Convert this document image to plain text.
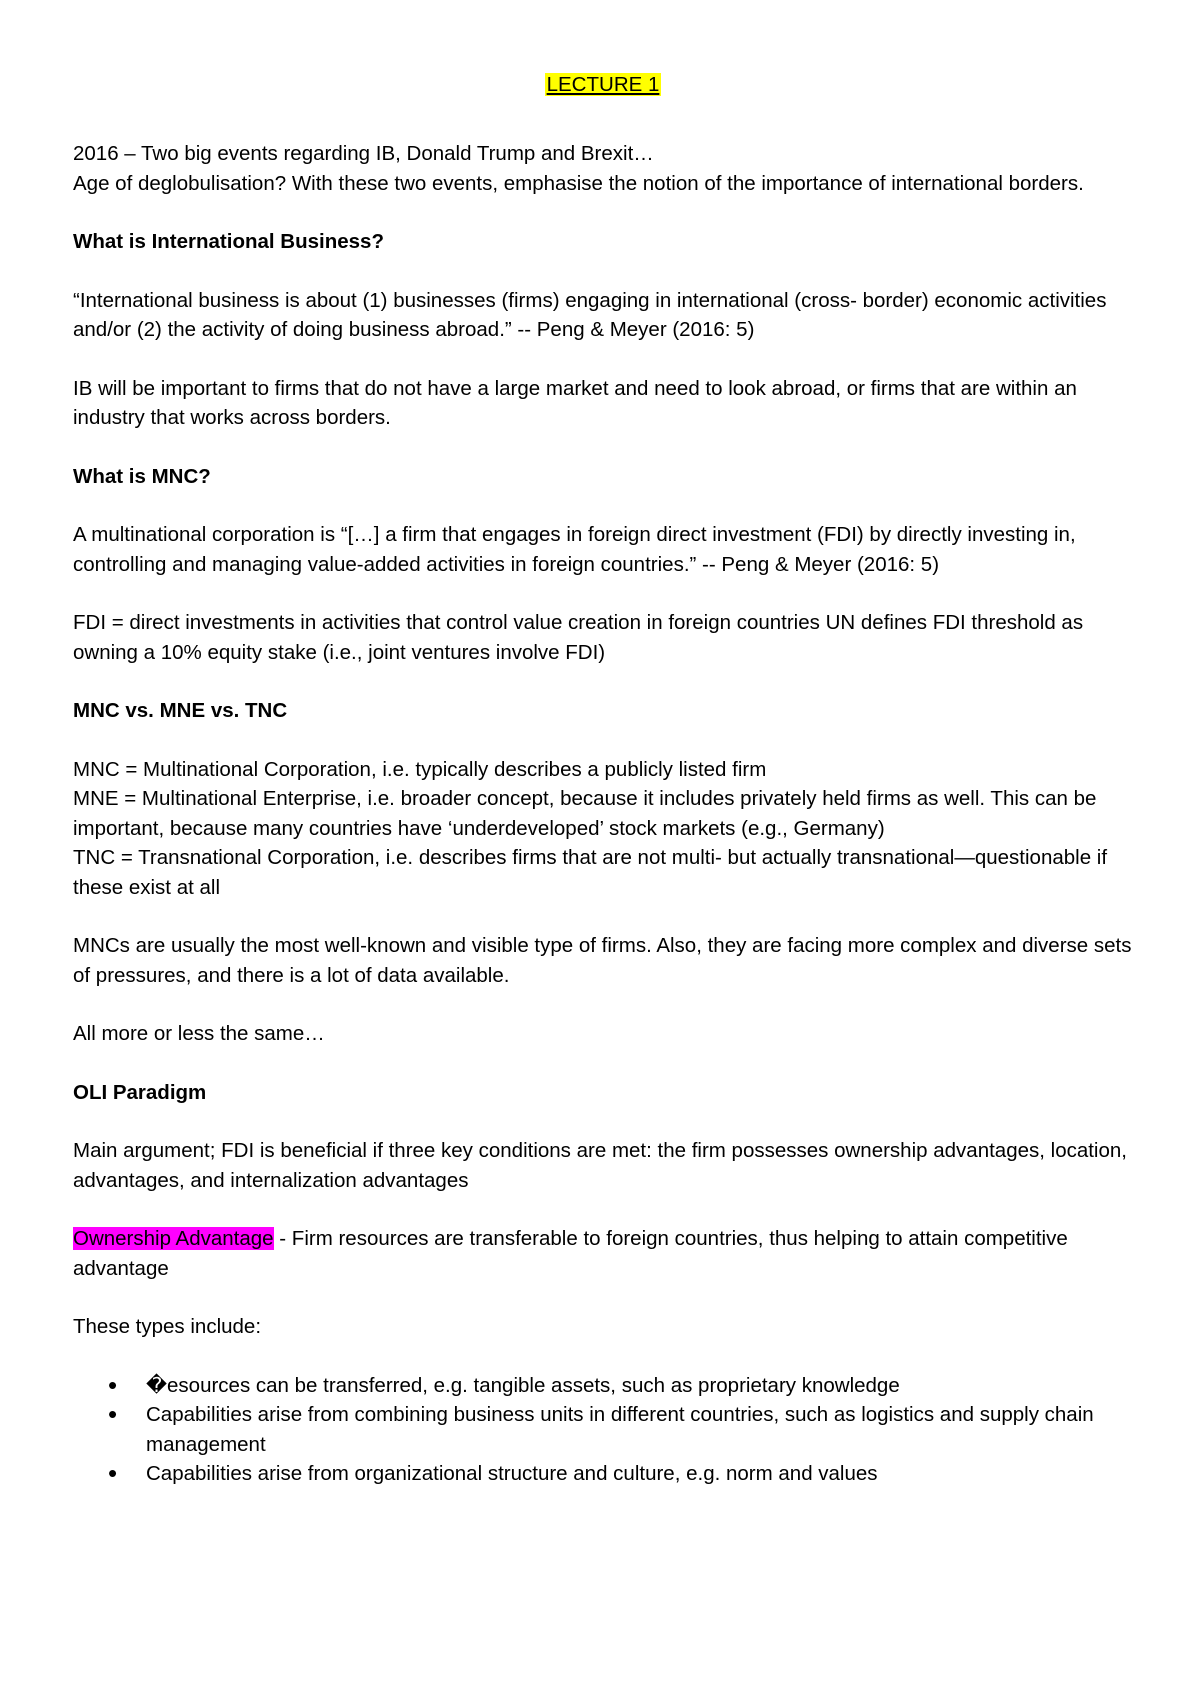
LECTURE 1

2016 – Two big events regarding IB, Donald Trump and Brexit…

Age of deglobulisation? With these two events, emphasise the notion of the importance of international borders.

What is International Business?

“International business is about (1) businesses (firms) engaging in international (cross- border) economic activities and/or (2) the activity of doing business abroad.” -- Peng & Meyer (2016: 5)

IB will be important to firms that do not have a large market and need to look abroad, or firms that are within an industry that works across borders.

What is MNC?

A multinational corporation is “[…] a firm that engages in foreign direct investment (FDI) by directly investing in, controlling and managing value-added activities in foreign countries.” -- Peng & Meyer (2016: 5)

FDI = direct investments in activities that control value creation in foreign countries UN defines FDI threshold as owning a 10% equity stake (i.e., joint ventures involve FDI)

MNC vs. MNE vs. TNC

MNC = Multinational Corporation, i.e. typically describes a publicly listed firm

MNE = Multinational Enterprise, i.e. broader concept, because it includes privately held firms as well. This can be important, because many countries have ‘underdeveloped’ stock markets (e.g., Germany)

TNC = Transnational Corporation, i.e. describes firms that are not multi- but actually transnational—questionable if these exist at all

MNCs are usually the most well-known and visible type of firms. Also, they are facing more complex and diverse sets of pressures, and there is a lot of data available.

All more or less the same…

OLI Paradigm

Main argument; FDI is beneficial if three key conditions are met: the firm possesses ownership advantages, location, advantages, and internalization advantages

Ownership Advantage - Firm resources are transferable to foreign countries, thus helping to attain competitive advantage

These types include:

• �esources can be transferred, e.g. tangible assets, such as proprietary knowledge
• Capabilities arise from combining business units in different countries, such as logistics and supply chain management
• Capabilities arise from organizational structure and culture, e.g. norm and values
